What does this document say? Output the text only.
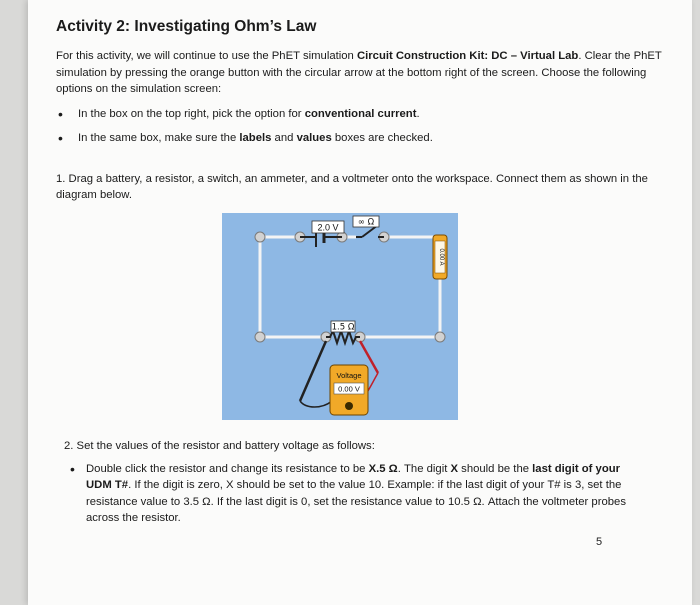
Activity 2: Investigating Ohm’s Law

For this activity, we will continue to use the PhET simulation Circuit Construction Kit: DC – Virtual Lab. Clear the PhET simulation by pressing the orange button with the circular arrow at the bottom right of the screen. Choose the following options on the simulation screen:

• In the box on the top right, pick the option for conventional current.
• In the same box, make sure the labels and values boxes are checked.

1. Drag a battery, a resistor, a switch, an ammeter, and a voltmeter onto the workspace. Connect them as shown in the diagram below.

2.0 V ∞ Ω
0.00 A
1.5 Ω
Voltage
0.00 V
2. Set the values of the resistor and battery voltage as follows:
• Double click the resistor and change its resistance to be X.5 Ω. The digit X should be the last digit of your UDM T#. If the digit is zero, X should be set to the value 10. Example: if the last digit of your T# is 3, set the resistance value to 3.5 Ω. If the last digit is 0, set the resistance value to 10.5 Ω. Attach the voltmeter probes across the resistor.
5
